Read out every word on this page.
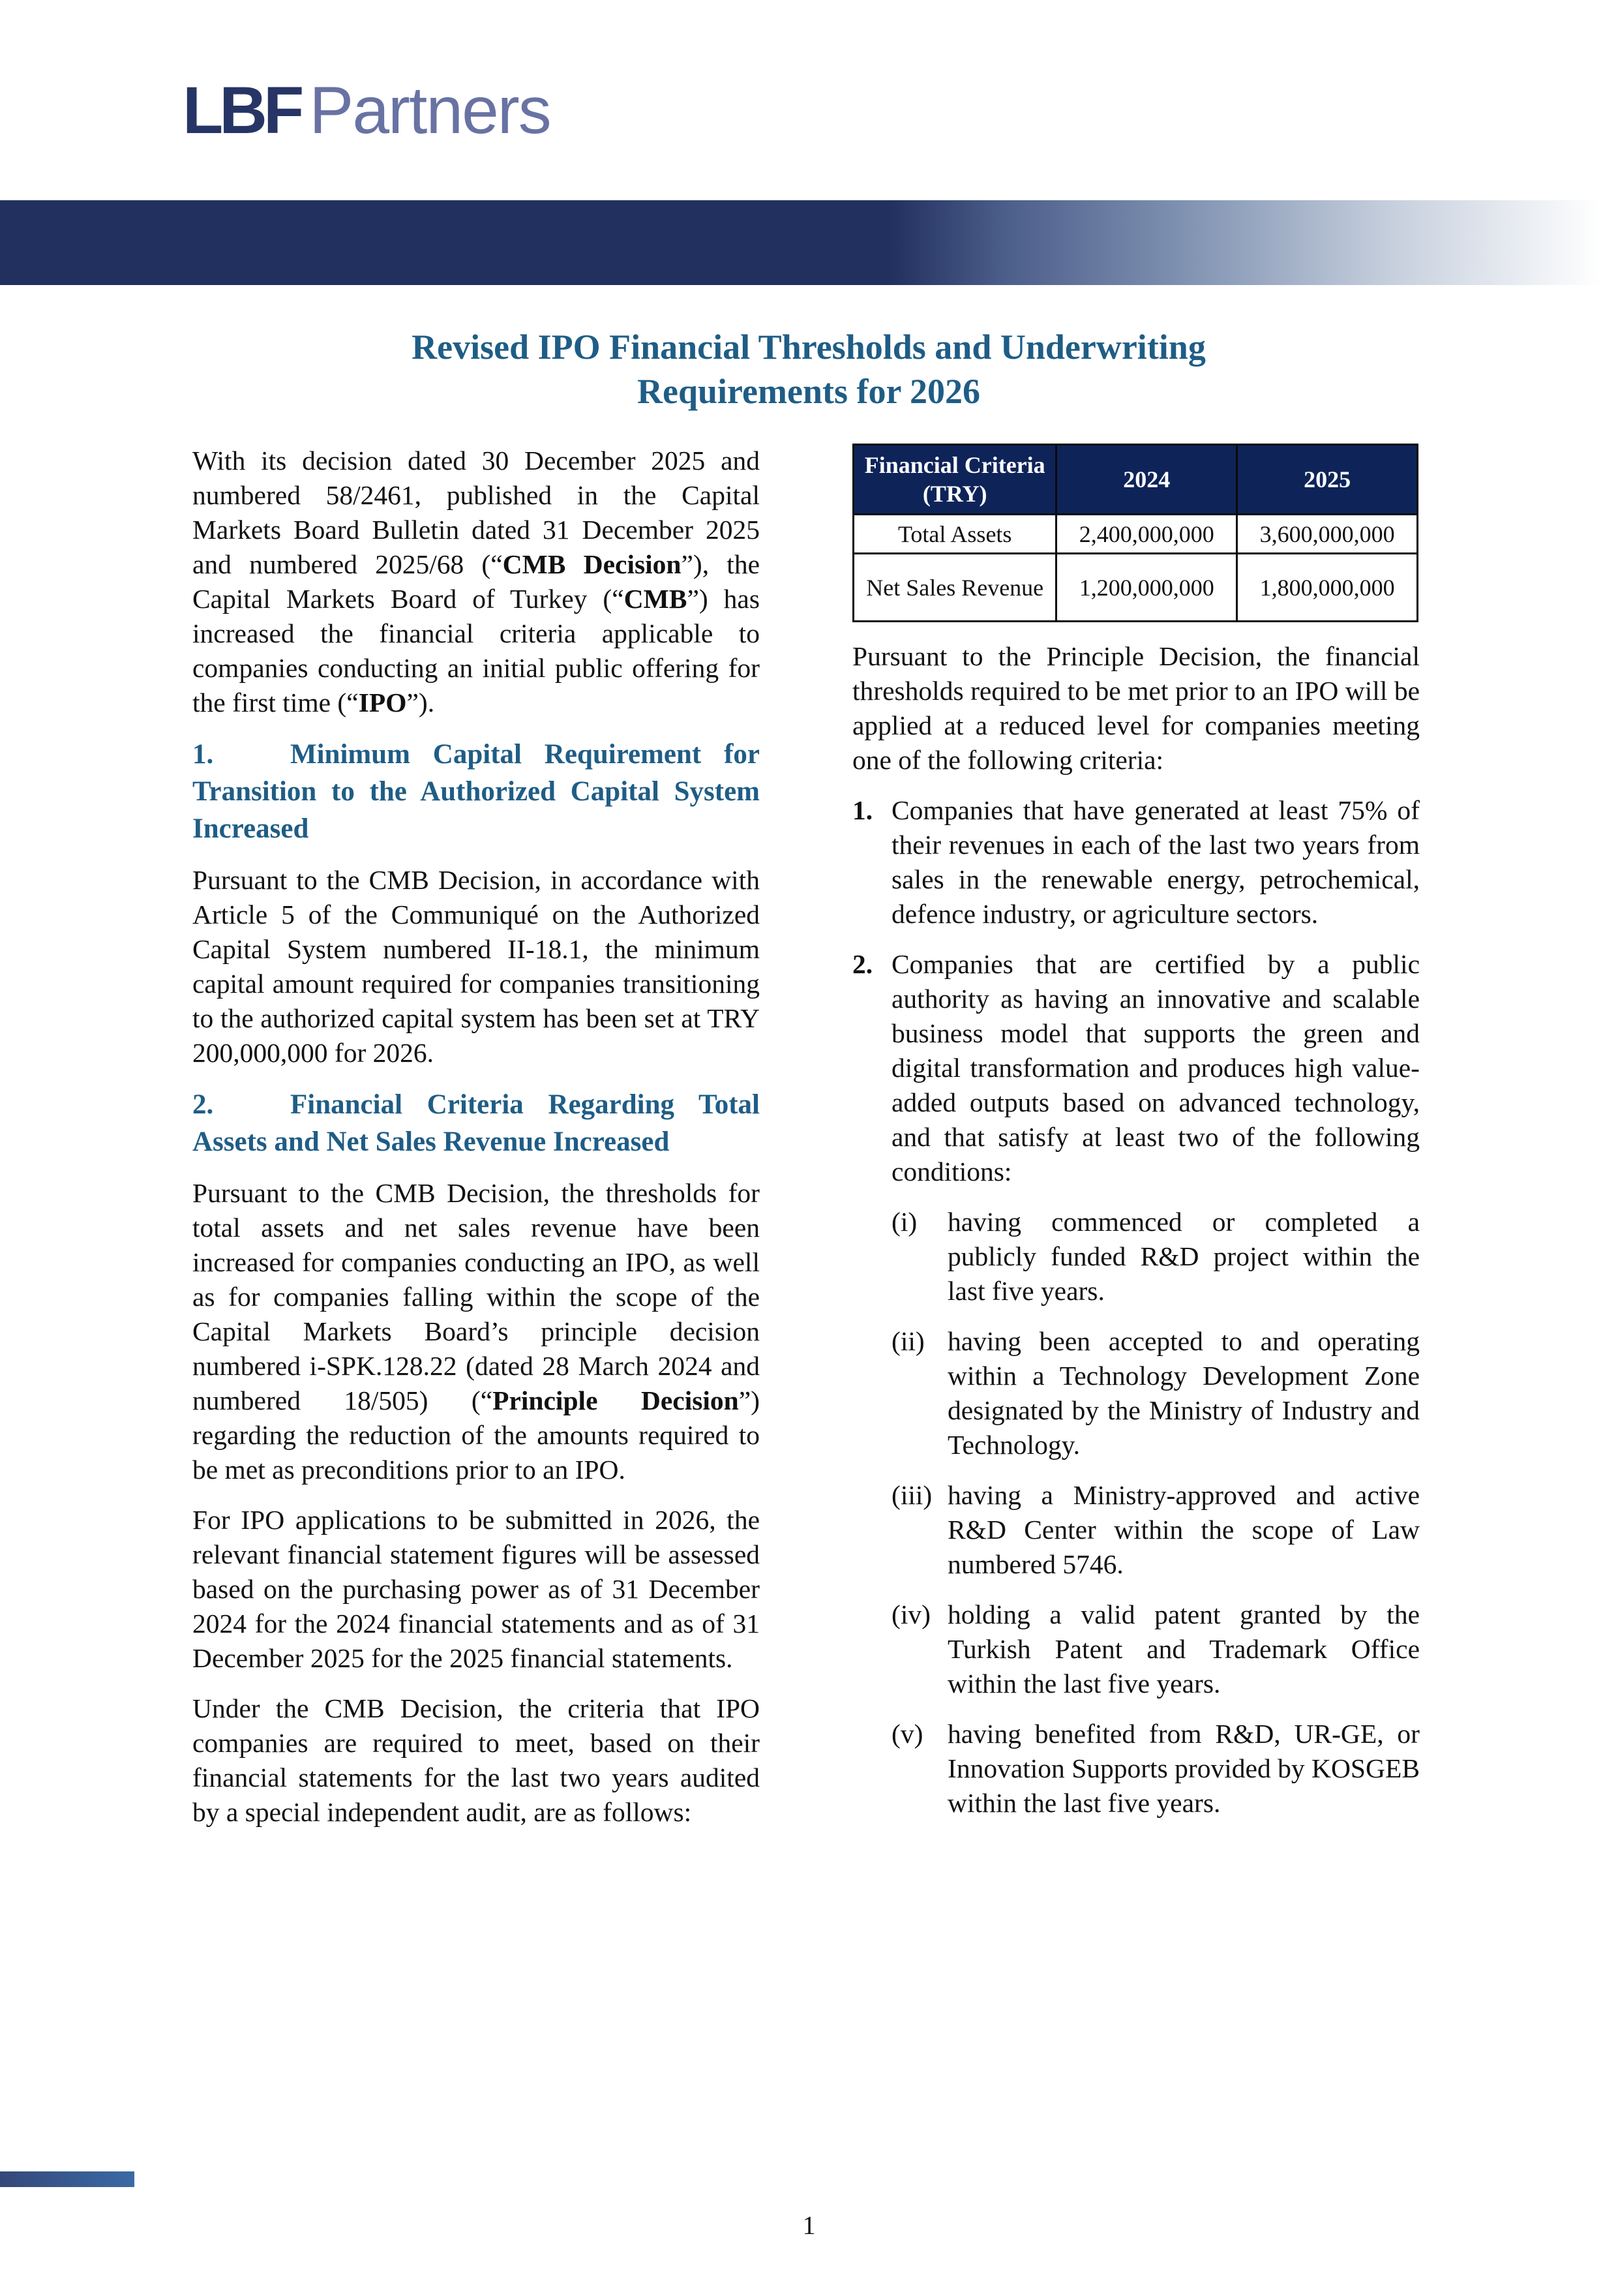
LBF Partners
Revised IPO Financial Thresholds and Underwriting
Requirements for 2026

With its decision dated 30 December 2025 and numbered 58/2461, published in the Capital Markets Board Bulletin dated 31 December 2025 and numbered 2025/68 (“CMB Decision”), the Capital Markets Board of Turkey (“CMB”) has increased the financial criteria applicable to companies conducting an initial public offering for the first time (“IPO”).

1.	Minimum Capital Requirement for Transition to the Authorized Capital System Increased

Pursuant to the CMB Decision, in accordance with Article 5 of the Communiqué on the Authorized Capital System numbered II-18.1, the minimum capital amount required for companies transitioning to the authorized capital system has been set at TRY 200,000,000 for 2026.

2.	Financial Criteria Regarding Total Assets and Net Sales Revenue Increased

Pursuant to the CMB Decision, the thresholds for total assets and net sales revenue have been increased for companies conducting an IPO, as well as for companies falling within the scope of the Capital Markets Board’s principle decision numbered i-SPK.128.22 (dated 28 March 2024 and numbered 18/505) (“Principle Decision”) regarding the reduction of the amounts required to be met as preconditions prior to an IPO.

For IPO applications to be submitted in 2026, the relevant financial statement figures will be assessed based on the purchasing power as of 31 December 2024 for the 2024 financial statements and as of 31 December 2025 for the 2025 financial statements.

Under the CMB Decision, the criteria that IPO companies are required to meet, based on their financial statements for the last two years audited by a special independent audit, are as follows:

Financial Criteria (TRY)	2024	2025
Total Assets	2,400,000,000	3,600,000,000
Net Sales Revenue	1,200,000,000	1,800,000,000

Pursuant to the Principle Decision, the financial thresholds required to be met prior to an IPO will be applied at a reduced level for companies meeting one of the following criteria:

1. Companies that have generated at least 75% of their revenues in each of the last two years from sales in the renewable energy, petrochemical, defence industry, or agriculture sectors.
2. Companies that are certified by a public authority as having an innovative and scalable business model that supports the green and digital transformation and produces high value-added outputs based on advanced technology, and that satisfy at least two of the following conditions:
(i)	having commenced or completed a publicly funded R&D project within the last five years.
(ii) having been accepted to and operating within a Technology Development Zone designated by the Ministry of Industry and Technology.
(iii) having a Ministry-approved and active R&D Center within the scope of Law numbered 5746.
(iv) holding a valid patent granted by the Turkish Patent and Trademark Office within the last five years.
(v) having benefited from R&D, UR-GE, or Innovation Supports provided by KOSGEB within the last five years.
1
